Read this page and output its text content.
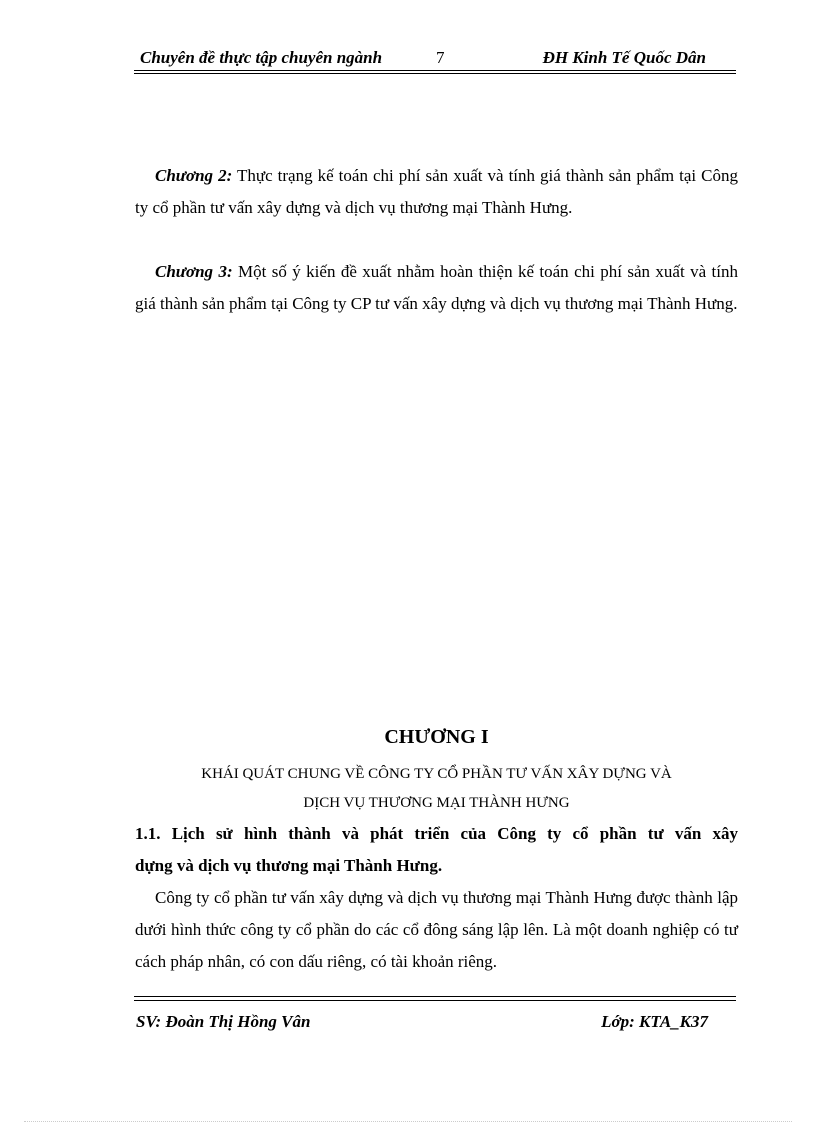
Chuyên đề thực tập chuyên ngành	7	ĐH Kinh Tế Quốc Dân
Chương 2: Thực trạng kế toán chi phí sản xuất và tính giá thành sản phẩm tại Công ty cổ phần tư vấn xây dựng và dịch vụ thương mại Thành Hưng.
Chương 3: Một số ý kiến đề xuất nhằm hoàn thiện kế toán chi phí sản xuất và tính giá thành sản phẩm tại Công ty CP tư vấn xây dựng và dịch vụ thương mại Thành Hưng.
CHƯƠNG I
KHÁI QUÁT CHUNG VỀ CÔNG TY CỔ PHẦN TƯ VẤN XÂY DỰNG VÀ
DỊCH VỤ THƯƠNG MẠI THÀNH HƯNG
1.1. Lịch sử hình thành và phát triển của Công ty cổ phần tư vấn xây
dựng và dịch vụ thương mại Thành Hưng.
Công ty cổ phần tư vấn xây dựng và dịch vụ thương mại Thành Hưng được thành lập dưới hình thức công ty cổ phần do các cổ đông sáng lập lên. Là một doanh nghiệp có tư cách pháp nhân, có con dấu riêng, có tài khoản riêng.
SV: Đoàn Thị Hồng Vân	Lớp: KTA_K37
